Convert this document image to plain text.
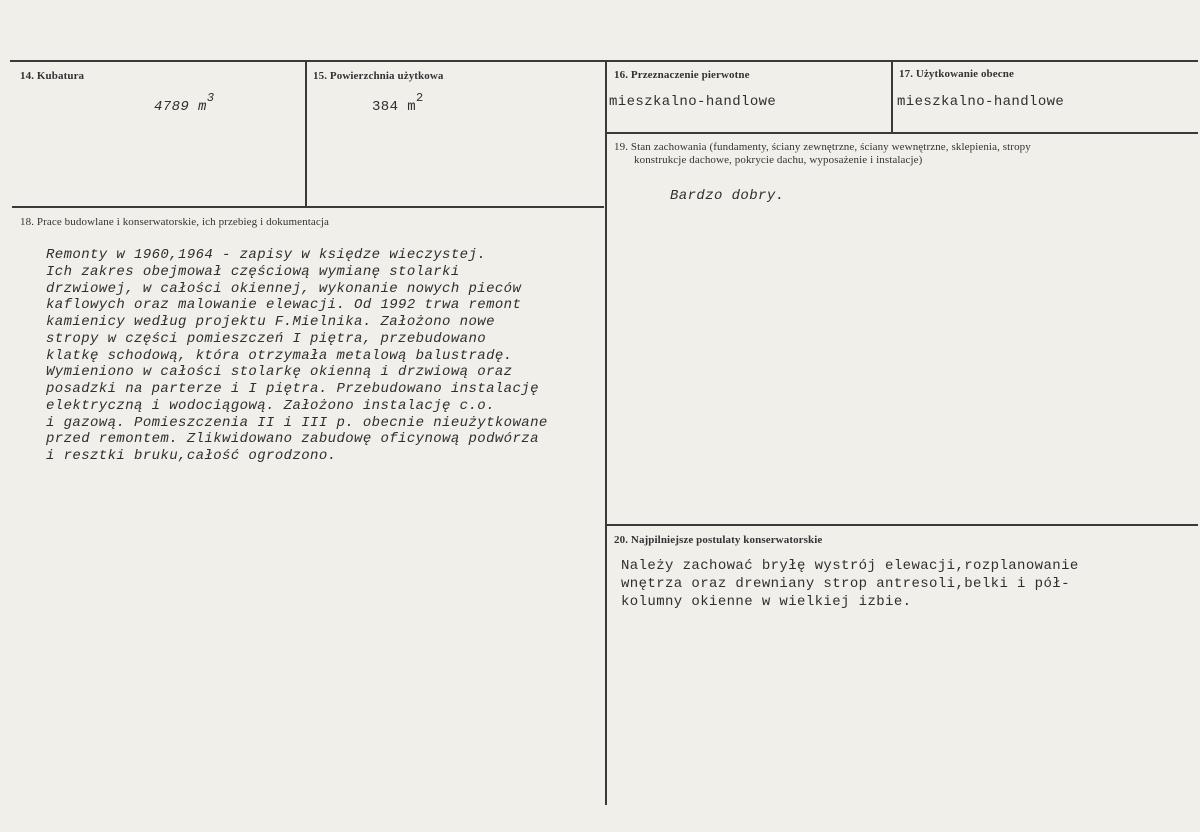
14. Kubatura
4789 $m^3$
15. Powierzchnia użytkowa
384 $m^2$
16. Przeznaczenie pierwotne
mieszkalno-handlowe
17. Użytkowanie obecne
mieszkalno-handlowe
19. Stan zachowania (fundamenty, ściany zewnętrzne, ściany wewnętrzne, sklepienia, stropy
konstrukcje dachowe, pokrycie dachu, wyposażenie i instalacje)
Bardzo dobry.
18. Prace budowlane i konserwatorskie, ich przebieg i dokumentacja
Remonty w 1960,1964 - zapisy w księdze wieczystej.
Ich zakres obejmował częściową wymianę stolarki
drzwiowej, w całości okiennej, wykonanie nowych pieców
kaflowych oraz malowanie elewacji. Od 1992 trwa remont
kamienicy według projektu F.Mielnika. Założono nowe
stropy w części pomieszczeń I piętra, przebudowano
klatkę schodową, która otrzymała metalową balustradę.
Wymieniono w całości stolarkę okienną i drzwiową oraz
posadzki na parterze i I piętra. Przebudowano instalację
elektryczną i wodociągową. Założono instalację c.o.
i gazową. Pomieszczenia II i III p. obecnie nieużytkowane
przed remontem. Zlikwidowano zabudowę oficynową podwórza
i resztki bruku,całość ogrodzono.
20. Najpilniejsze postulaty konserwatorskie
Należy zachować bryłę wystrój elewacji,rozplanowanie
wnętrza oraz drewniany strop antresoli,belki i pół-
kolumny okienne w wielkiej izbie.
